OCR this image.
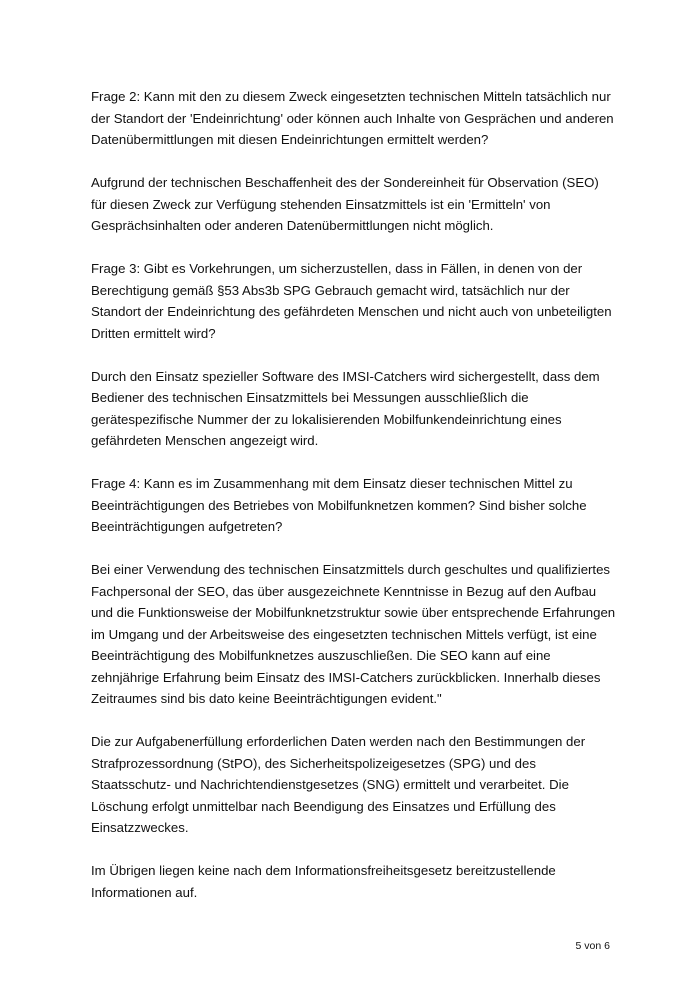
Frage 2: Kann mit den zu diesem Zweck eingesetzten technischen Mitteln tatsächlich nur der Standort der 'Endeinrichtung' oder können auch Inhalte von Gesprächen und anderen Datenübermittlungen mit diesen Endeinrichtungen ermittelt werden?

Aufgrund der technischen Beschaffenheit des der Sondereinheit für Observation (SEO) für diesen Zweck zur Verfügung stehenden Einsatzmittels ist ein 'Ermitteln' von Gesprächsinhalten oder anderen Datenübermittlungen nicht möglich.

Frage 3: Gibt es Vorkehrungen, um sicherzustellen, dass in Fällen, in denen von der Berechtigung gemäß §53 Abs3b SPG Gebrauch gemacht wird, tatsächlich nur der Standort der Endeinrichtung des gefährdeten Menschen und nicht auch von unbeteiligten Dritten ermittelt wird?

Durch den Einsatz spezieller Software des IMSI-Catchers wird sichergestellt, dass dem Bediener des technischen Einsatzmittels bei Messungen ausschließlich die gerätespezifische Nummer der zu lokalisierenden Mobilfunkendeinrichtung eines gefährdeten Menschen angezeigt wird.

Frage 4: Kann es im Zusammenhang mit dem Einsatz dieser technischen Mittel zu Beeinträchtigungen des Betriebes von Mobilfunknetzen kommen? Sind bisher solche Beeinträchtigungen aufgetreten?

Bei einer Verwendung des technischen Einsatzmittels durch geschultes und qualifiziertes Fachpersonal der SEO, das über ausgezeichnete Kenntnisse in Bezug auf den Aufbau und die Funktionsweise der Mobilfunknetzstruktur sowie über entsprechende Erfahrungen im Umgang und der Arbeitsweise des eingesetzten technischen Mittels verfügt, ist eine Beeinträchtigung des Mobilfunknetzes auszuschließen. Die SEO kann auf eine zehnjährige Erfahrung beim Einsatz des IMSI-Catchers zurückblicken. Innerhalb dieses Zeitraumes sind bis dato keine Beeinträchtigungen evident."

Die zur Aufgabenerfüllung erforderlichen Daten werden nach den Bestimmungen der Strafprozessordnung (StPO), des Sicherheitspolizeigesetzes (SPG) und des Staatsschutz- und Nachrichtendienstgesetzes (SNG) ermittelt und verarbeitet. Die Löschung erfolgt unmittelbar nach Beendigung des Einsatzes und Erfüllung des Einsatzzweckes.

Im Übrigen liegen keine nach dem Informationsfreiheitsgesetz bereitzustellende Informationen auf.

5 von 6
